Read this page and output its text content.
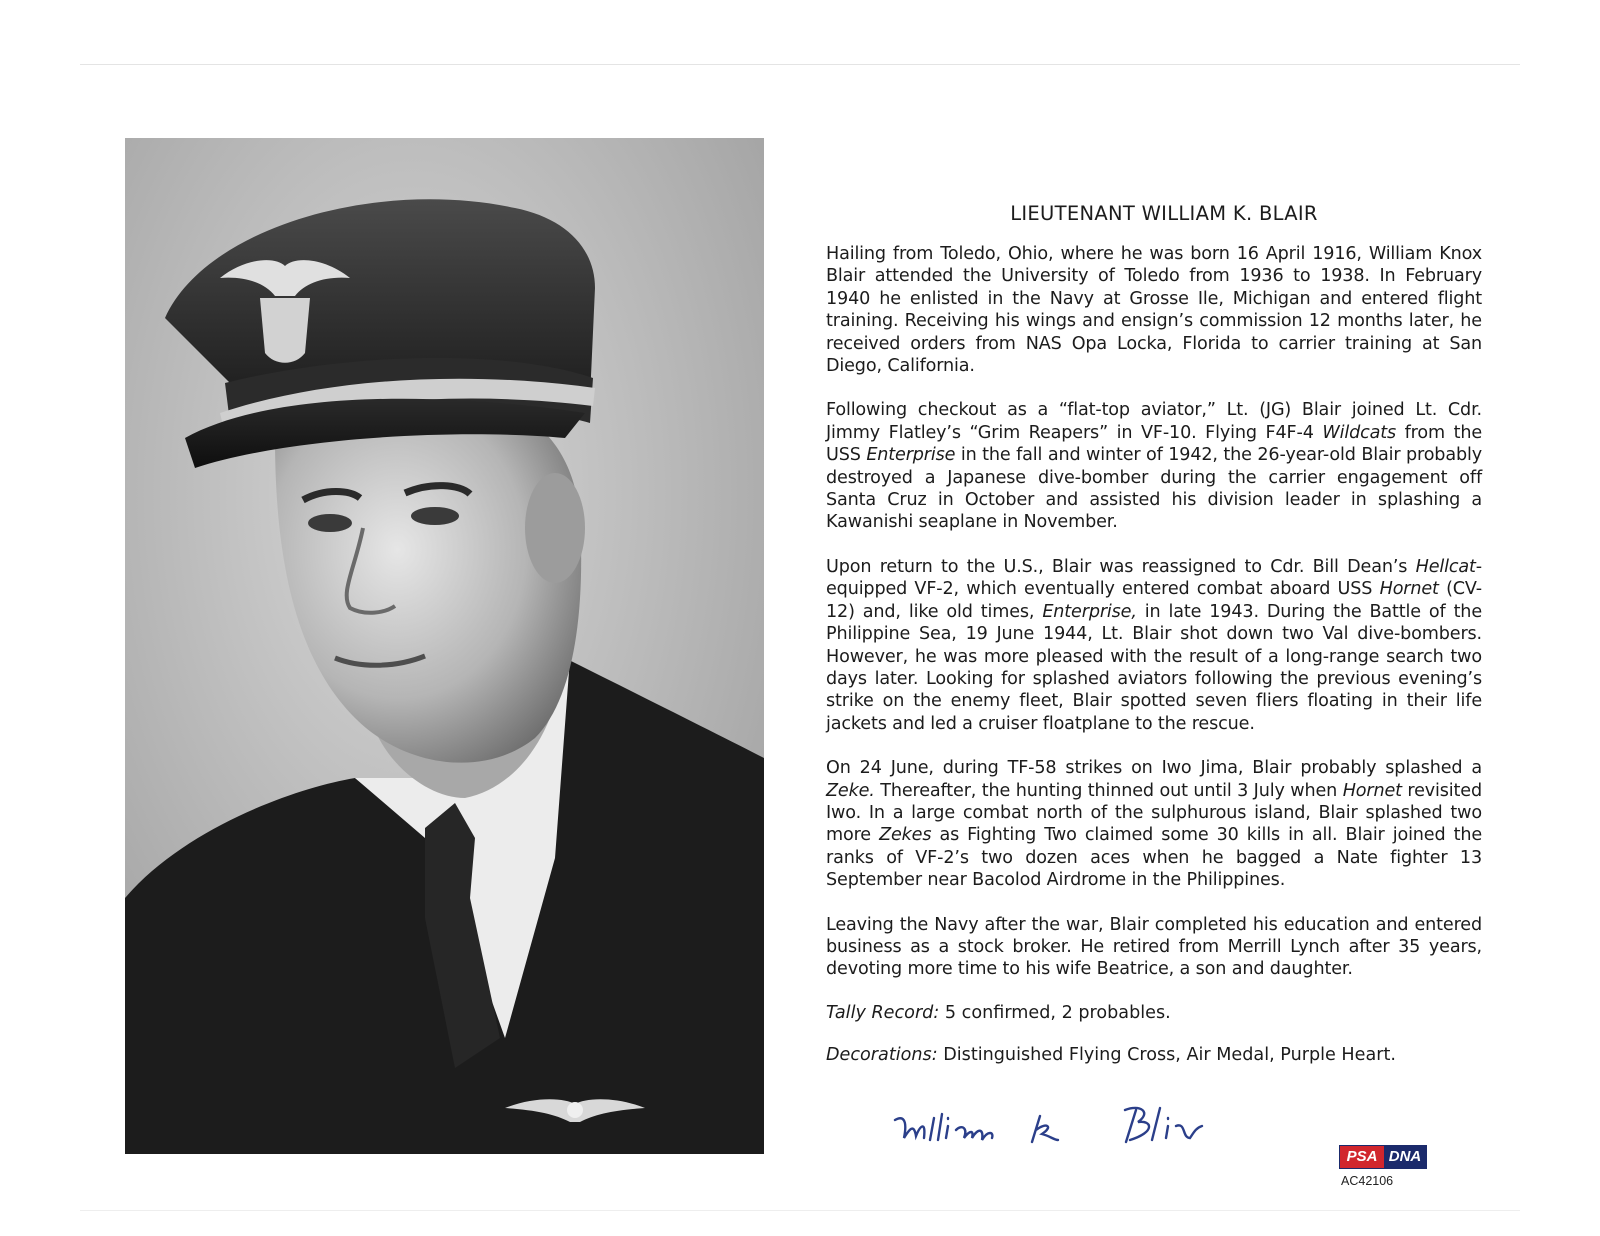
LIEUTENANT WILLIAM K. BLAIR

Hailing from Toledo, Ohio, where he was born 16 April 1916, William Knox Blair attended the University of Toledo from 1936 to 1938. In February 1940 he enlisted in the Navy at Grosse Ile, Michigan and entered flight training. Receiving his wings and ensign’s commission 12 months later, he received orders from NAS Opa Locka, Florida to carrier training at San Diego, California.

Following checkout as a “flat-top aviator,” Lt. (JG) Blair joined Lt. Cdr. Jimmy Flatley’s “Grim Reapers” in VF-10. Flying F4F-4 Wildcats from the USS Enterprise in the fall and winter of 1942, the 26-year-old Blair probably destroyed a Japanese dive-bomber during the carrier engagement off Santa Cruz in October and assisted his division leader in splashing a Kawanishi seaplane in November.

Upon return to the U.S., Blair was reassigned to Cdr. Bill Dean’s Hellcat-equipped VF-2, which eventually entered combat aboard USS Hornet (CV-12) and, like old times, Enterprise, in late 1943. During the Battle of the Philippine Sea, 19 June 1944, Lt. Blair shot down two Val dive-bombers. However, he was more pleased with the result of a long-range search two days later. Looking for splashed aviators following the previous evening’s strike on the enemy fleet, Blair spotted seven fliers floating in their life jackets and led a cruiser floatplane to the rescue.

On 24 June, during TF-58 strikes on Iwo Jima, Blair probably splashed a Zeke. Thereafter, the hunting thinned out until 3 July when Hornet revisited Iwo. In a large combat north of the sulphurous island, Blair splashed two more Zekes as Fighting Two claimed some 30 kills in all. Blair joined the ranks of VF-2’s two dozen aces when he bagged a Nate fighter 13 September near Bacolod Airdrome in the Philippines.

Leaving the Navy after the war, Blair completed his education and entered business as a stock broker. He retired from Merrill Lynch after 35 years, devoting more time to his wife Beatrice, a son and daughter.

Tally Record: 5 confirmed, 2 probables.
Decorations: Distinguished Flying Cross, Air Medal, Purple Heart.
PSA DNA
AC42106
